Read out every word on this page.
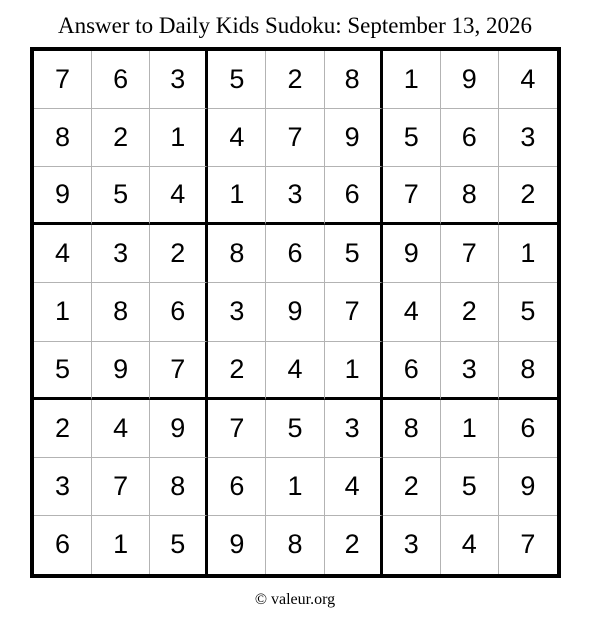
Answer to Daily Kids Sudoku: September 13, 2026
7	6	3	5	2	8	1	9	4
8	2	1	4	7	9	5	6	3
9	5	4	1	3	6	7	8	2
4	3	2	8	6	5	9	7	1
1	8	6	3	9	7	4	2	5
5	9	7	2	4	1	6	3	8
2	4	9	7	5	3	8	1	6
3	7	8	6	1	4	2	5	9
6	1	5	9	8	2	3	4	7
© valeur.org
